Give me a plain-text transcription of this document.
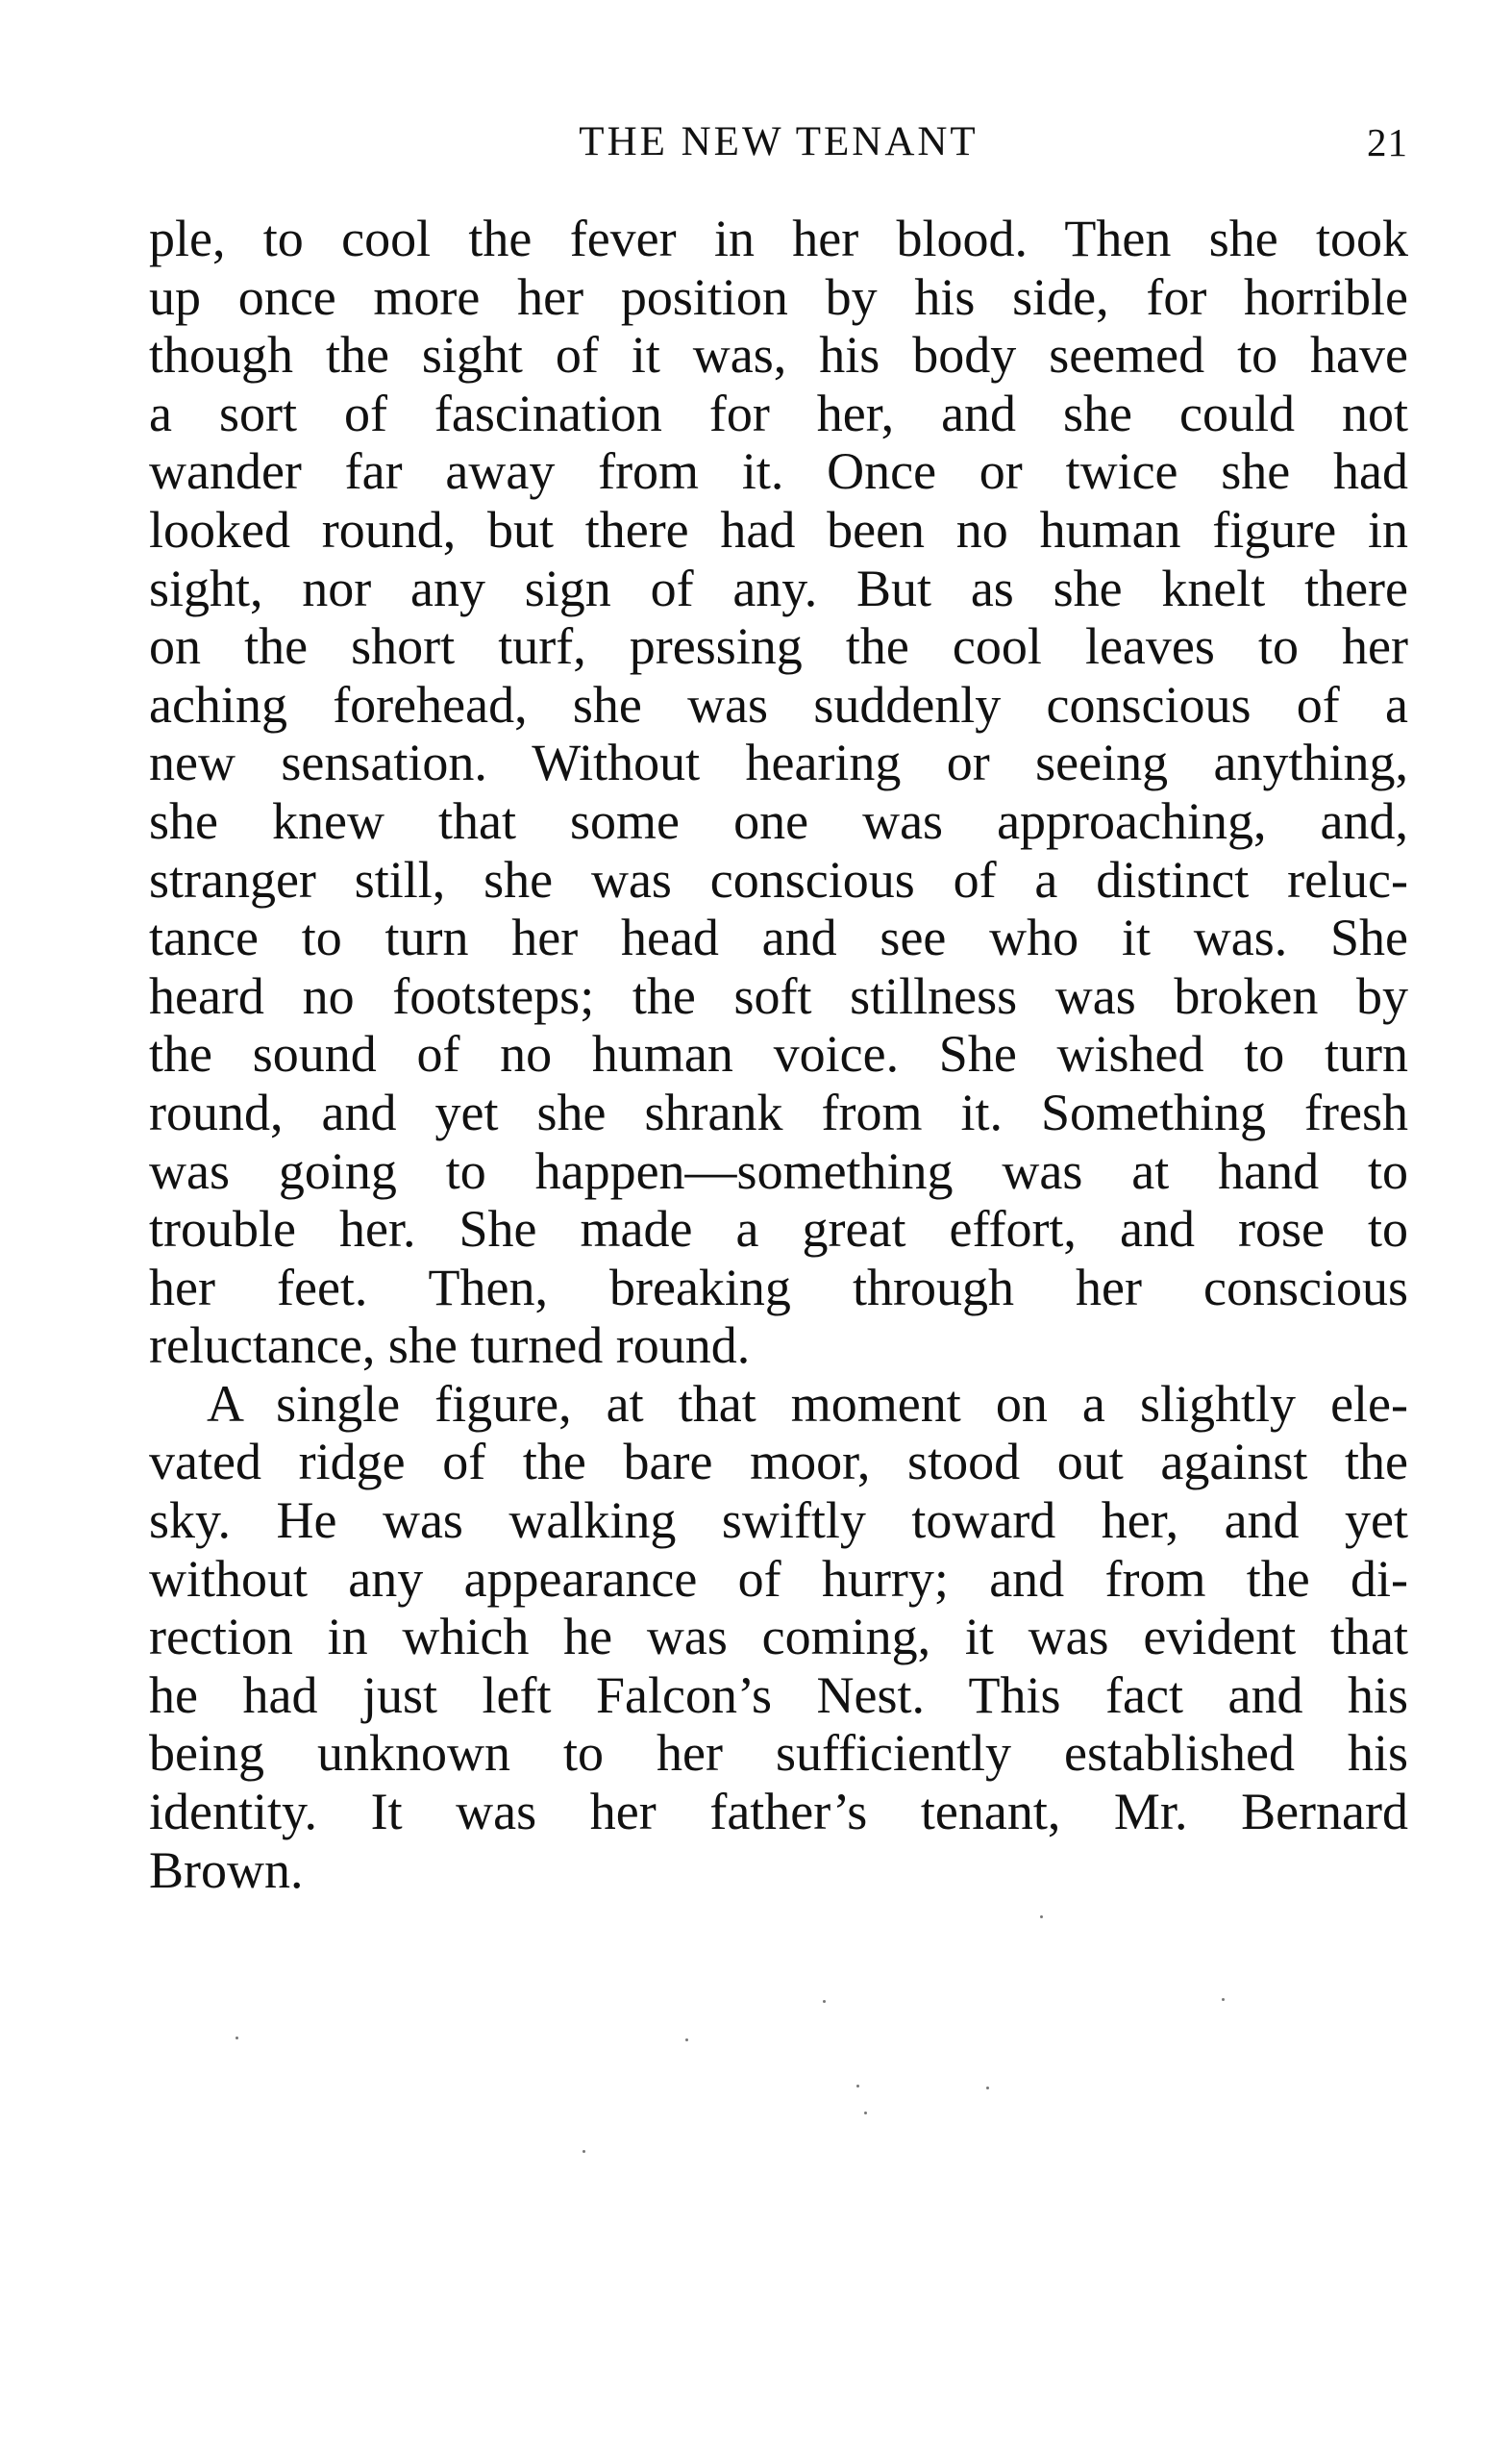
THE NEW TENANT	21
ple, to cool the fever in her blood. Then she took
up once more her position by his side, for horrible
though the sight of it was, his body seemed to have
a sort of fascination for her, and she could not
wander far away from it. Once or twice she had
looked round, but there had been no human figure in
sight, nor any sign of any. But as she knelt there
on the short turf, pressing the cool leaves to her
aching forehead, she was suddenly conscious of a
new sensation. Without hearing or seeing anything,
she knew that some one was approaching, and,
stranger still, she was conscious of a distinct reluc-
tance to turn her head and see who it was. She
heard no footsteps; the soft stillness was broken by
the sound of no human voice. She wished to turn
round, and yet she shrank from it. Something fresh
was going to happen—something was at hand to
trouble her. She made a great effort, and rose to
her feet. Then, breaking through her conscious
reluctance, she turned round.
A single figure, at that moment on a slightly ele-
vated ridge of the bare moor, stood out against the
sky. He was walking swiftly toward her, and yet
without any appearance of hurry; and from the di-
rection in which he was coming, it was evident that
he had just left Falcon’s Nest. This fact and his
being unknown to her sufficiently established his
identity. It was her father’s tenant, Mr. Bernard
Brown.
